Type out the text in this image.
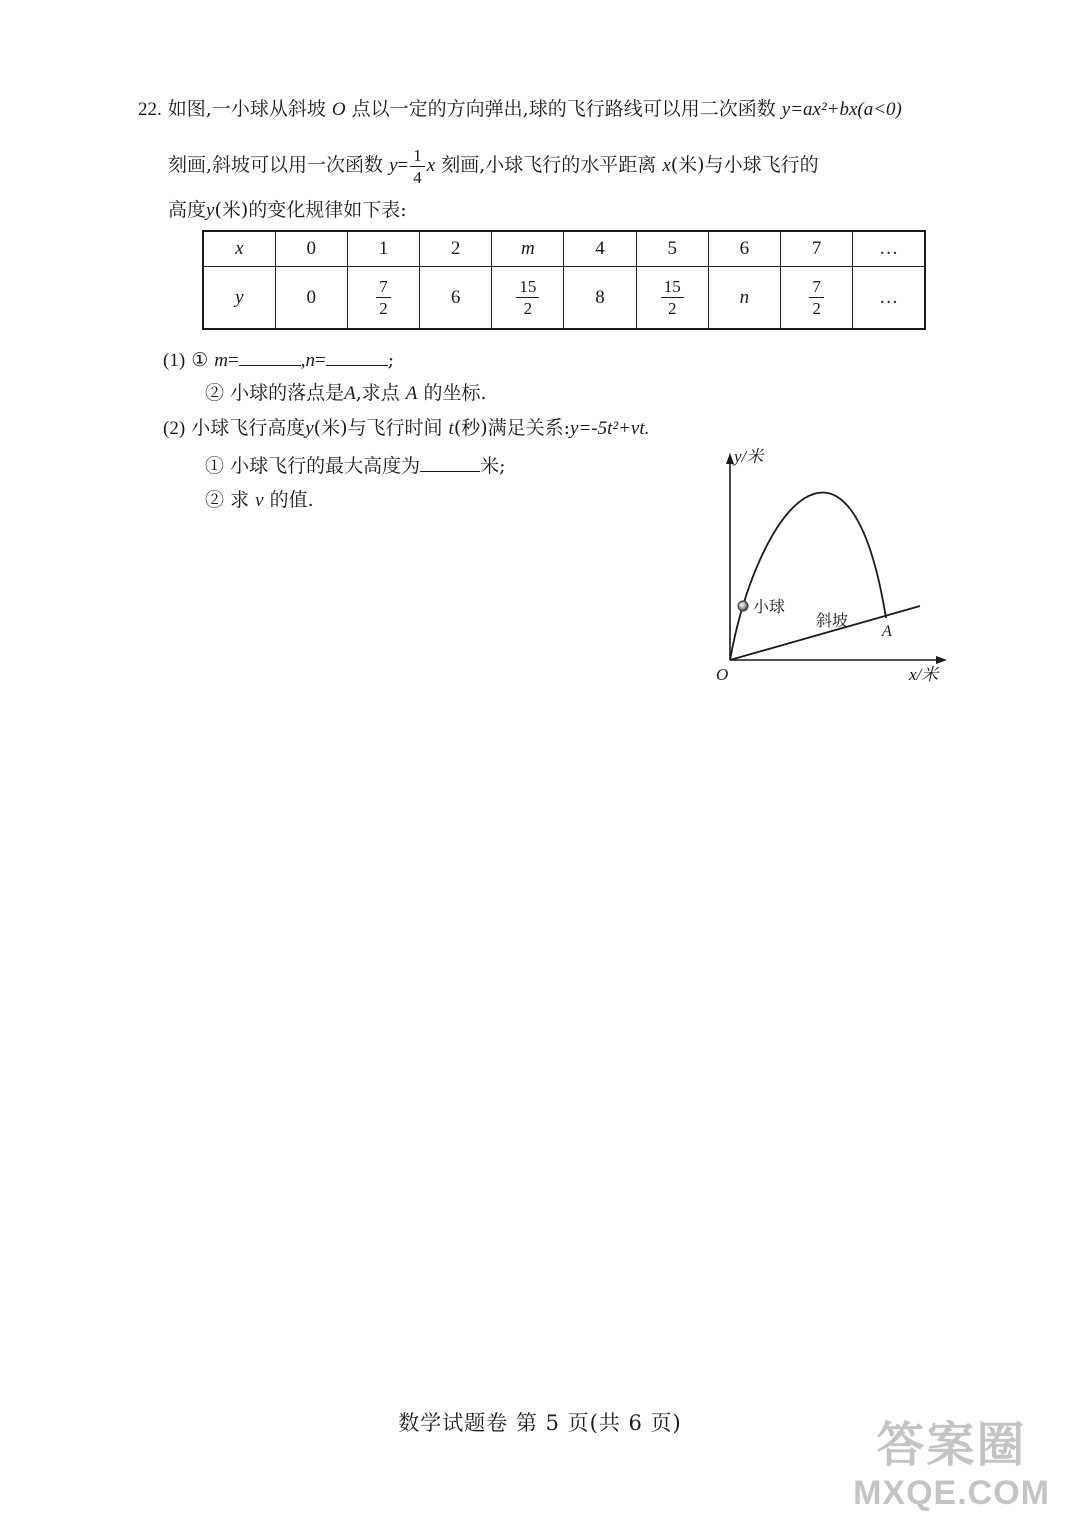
22. 如图,一小球从斜坡 O 点以一定的方向弹出,球的飞行路线可以用二次函数 y=ax²+bx(a<0)
刻画,斜坡可以用一次函数 $y= \frac{1}{4}$ x 刻画,小球飞行的水平距离 x(米)与小球飞行的
高度y(米)的变化规律如下表:
x	0	1	2	m	4	5	6	7	…
y	0	$\frac{7}{2}$	6	$\frac{15}{2}$	8	$\frac{15}{2}$	n	$\frac{7}{2}$	…
(1) ① m=	,n=	;
② 小球的落点是A,求点 A 的坐标.
(2) 小球飞行高度y(米)与飞行时间 t(秒)满足关系:y=-5t²+vt.
① 小球飞行的最大高度为	米;
② 求 v 的值.
y/米
x/米
O
小球
斜坡
A
数学试题卷 第 5 页(共 6 页)	答案圈
MXQE.COM
